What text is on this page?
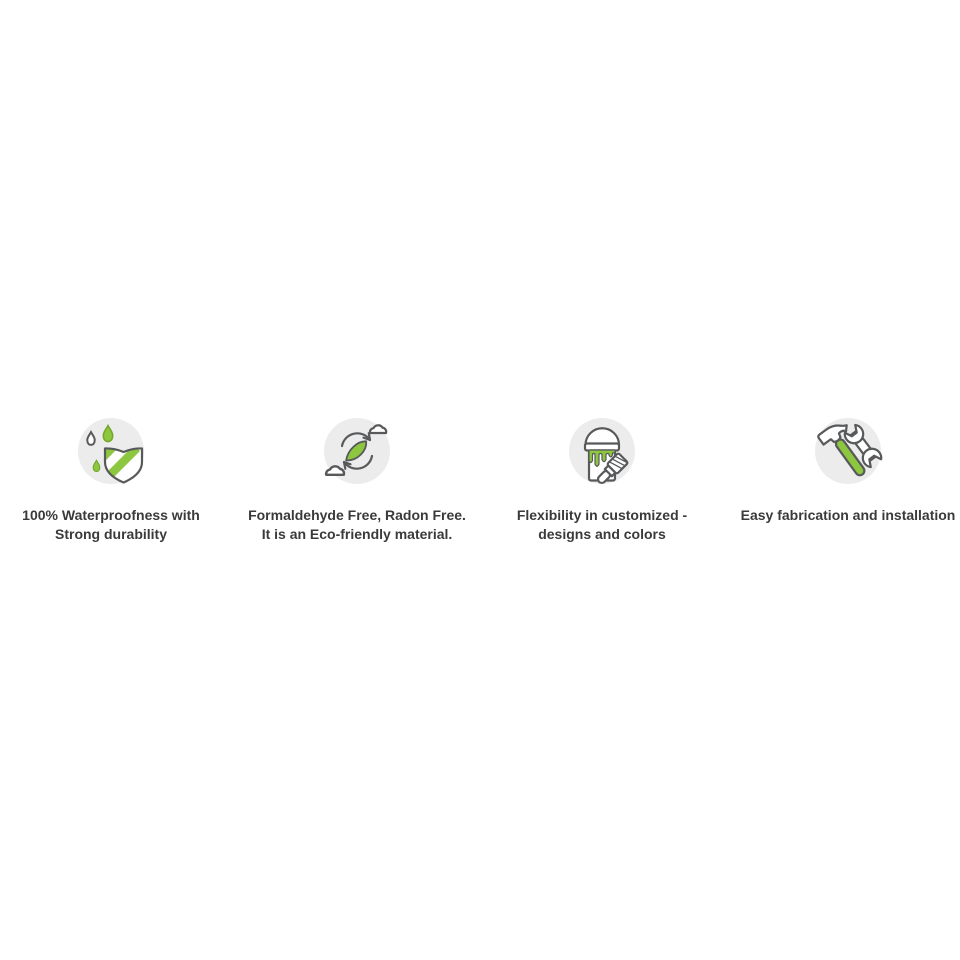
100% Waterproofness with
Strong durability
Formaldehyde Free, Radon Free.
It is an Eco-friendly material.
Flexibility in customized -
designs and colors
Easy fabrication and installation
